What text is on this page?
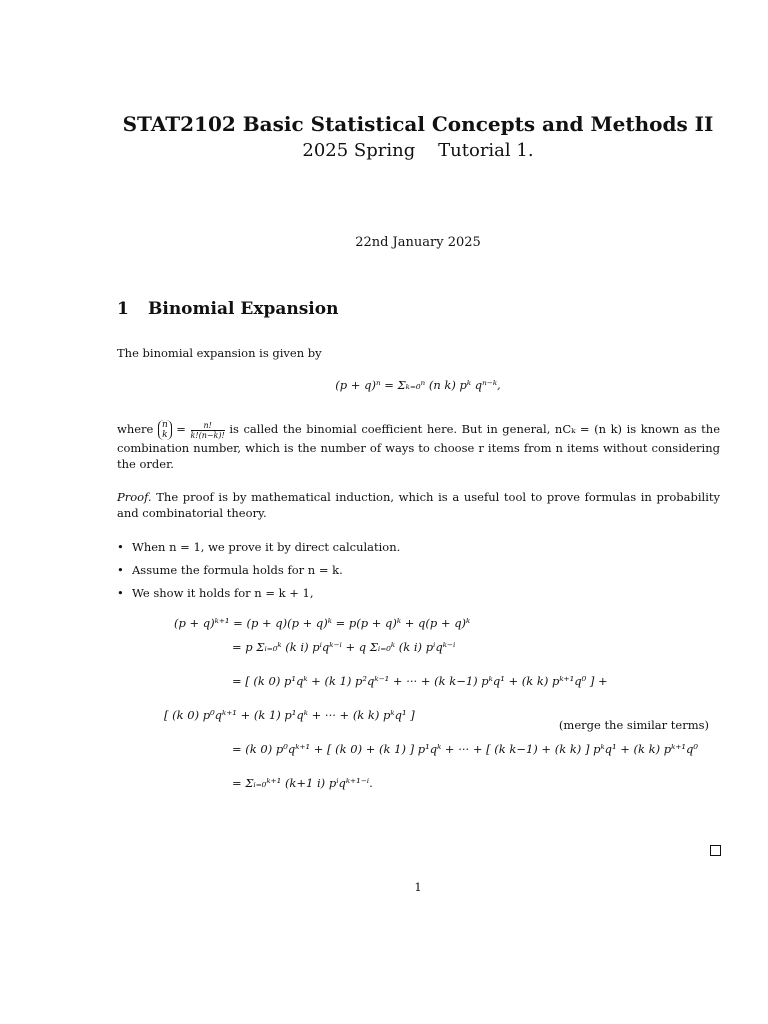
STAT2102 Basic Statistical Concepts and Methods II
2025 Spring    Tutorial 1.
22nd January 2025
1 Binomial Expansion
The binomial expansion is given by
(p + q)ⁿ = Σₖ₌₀ⁿ (n k) pᵏ qⁿ⁻ᵏ,
where n
$k = \frac{n!}{k!(n-k)!}$ is called the binomial coefficient here. But in general, nCₖ = (n k) is known as the combination number, which is the number of ways to choose r items from n items without considering the order.
Proof. The proof is by mathematical induction, which is a useful tool to prove formulas in probability and combinatorial theory.
• When n = 1, we prove it by direct calculation.
• Assume the formula holds for n = k.
• We show it holds for n = k + 1,
(p + q)ᵏ⁺¹ = (p + q)(p + q)ᵏ = p(p + q)ᵏ + q(p + q)ᵏ
= p Σᵢ₌₀ᵏ (k i) pⁱqᵏ⁻ⁱ + q Σᵢ₌₀ᵏ (k i) pⁱqᵏ⁻ⁱ
= [ (k 0) p¹qᵏ + (k 1) p²qᵏ⁻¹ + ··· + (k k−1) pᵏq¹ + (k k) pᵏ⁺¹q⁰ ] +
[ (k 0) p⁰qᵏ⁺¹ + (k 1) p¹qᵏ + ··· + (k k) pᵏq¹ ]
(merge the similar terms)
= (k 0) p⁰qᵏ⁺¹ + [ (k 0) + (k 1) ] p¹qᵏ + ··· + [ (k k−1) + (k k) ] pᵏq¹ + (k k) pᵏ⁺¹q⁰
= Σᵢ₌₀ᵏ⁺¹ (k+1 i) pⁱqᵏ⁺¹⁻ⁱ.
1
